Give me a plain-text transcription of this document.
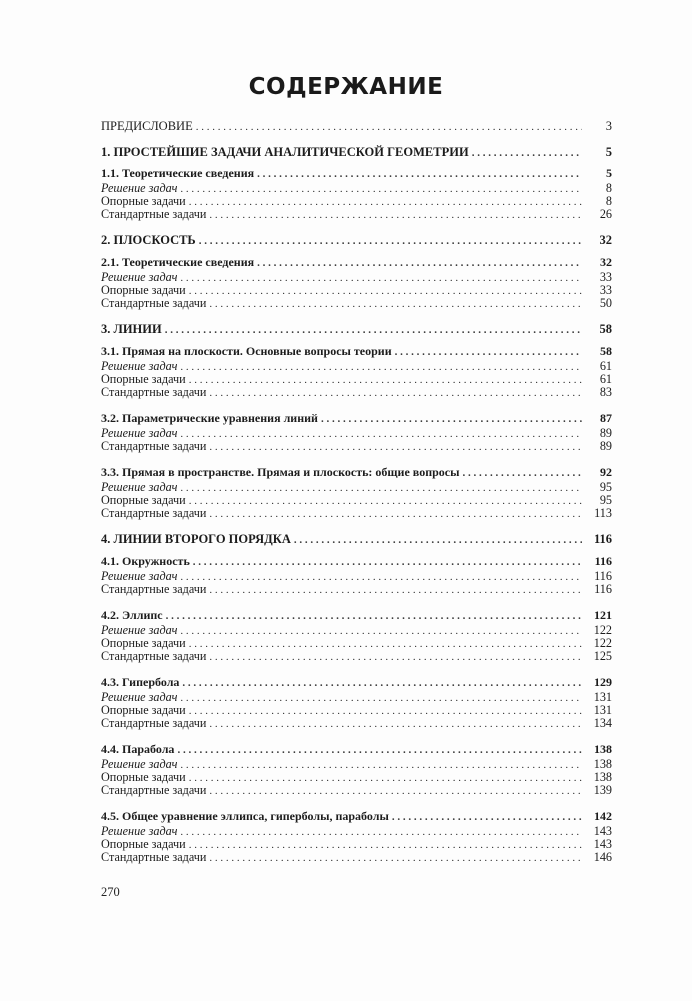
СОДЕРЖАНИЕ
ПРЕДИСЛОВИЕ . . .	3
1. ПРОСТЕЙШИЕ ЗАДАЧИ АНАЛИТИЧЕСКОЙ ГЕОМЕТРИИ . . .	5
1.1. Теоретические сведения . . .	5
Решение задач . . .	8
Опорные задачи . . .	8
Стандартные задачи . . .	26
2. ПЛОСКОСТЬ . . .	32
2.1. Теоретические сведения . . .	32
Решение задач . . .	33
Опорные задачи . . .	33
Стандартные задачи . . .	50
3. ЛИНИИ . . .	58
3.1. Прямая на плоскости. Основные вопросы теории . . .	58
Решение задач . . .	61
Опорные задачи . . .	61
Стандартные задачи . . .	83
3.2. Параметрические уравнения линий . . .	87
Решение задач . . .	89
Стандартные задачи . . .	89
3.3. Прямая в пространстве. Прямая и плоскость: общие вопросы . . .	92
Решение задач . . .	95
Опорные задачи . . .	95
Стандартные задачи . . .	113
4. ЛИНИИ ВТОРОГО ПОРЯДКА . . .	116
4.1. Окружность . . .	116
Решение задач . . .	116
Стандартные задачи . . .	116
4.2. Эллипс . . .	121
Решение задач . . .	122
Опорные задачи . . .	122
Стандартные задачи . . .	125
4.3. Гипербола . . .	129
Решение задач . . .	131
Опорные задачи . . .	131
Стандартные задачи . . .	134
4.4. Парабола . . .	138
Решение задач . . .	138
Опорные задачи . . .	138
Стандартные задачи . . .	139
4.5. Общее уравнение эллипса, гиперболы, параболы . . .	142
Решение задач . . .	143
Опорные задачи . . .	143
Стандартные задачи . . .	146
270
